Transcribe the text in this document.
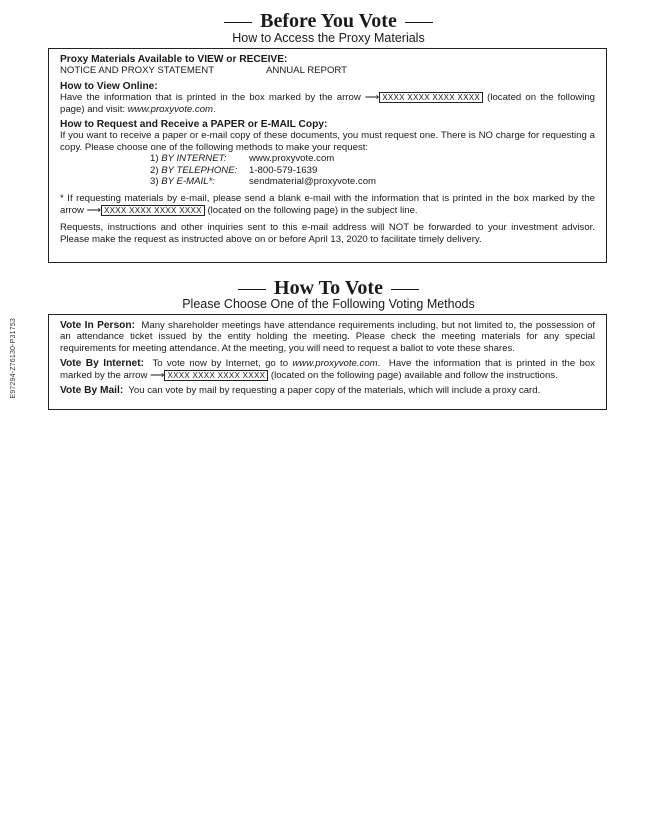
E97294-Z76130-P31753
Before You Vote
How to Access the Proxy Materials
Proxy Materials Available to VIEW or RECEIVE:
NOTICE AND PROXY STATEMENT	ANNUAL REPORT
How to View Online:

Have the information that is printed in the box marked by the arrow ⟶ XXXX XXXX XXXX XXXX (located on the following page) and visit: www.proxyvote.com.

How to Request and Receive a PAPER or E-MAIL Copy:

If you want to receive a paper or e-mail copy of these documents, you must request one. There is NO charge for requesting a copy. Please choose one of the following methods to make your request:

1) BY INTERNET:	www.proxyvote.com
2) BY TELEPHONE:	1-800-579-1639
3) BY E-MAIL*:	sendmaterial@proxyvote.com

* If requesting materials by e-mail, please send a blank e-mail with the information that is printed in the box marked by the arrow ⟶ XXXX XXXX XXXX XXXX (located on the following page) in the subject line.

Requests, instructions and other inquiries sent to this e-mail address will NOT be forwarded to your investment advisor. Please make the request as instructed above on or before April 13, 2020 to facilitate timely delivery.

How To Vote
Please Choose One of the Following Voting Methods

Vote In Person: Many shareholder meetings have attendance requirements including, but not limited to, the possession of an attendance ticket issued by the entity holding the meeting. Please check the meeting materials for any special requirements for meeting attendance. At the meeting, you will need to request a ballot to vote these shares.

Vote By Internet: To vote now by Internet, go to www.proxyvote.com.  Have the information that is printed in the box marked by the arrow ⟶ XXXX XXXX XXXX XXXX (located on the following page) available and follow the instructions.

Vote By Mail: You can vote by mail by requesting a paper copy of the materials, which will include a proxy card.
